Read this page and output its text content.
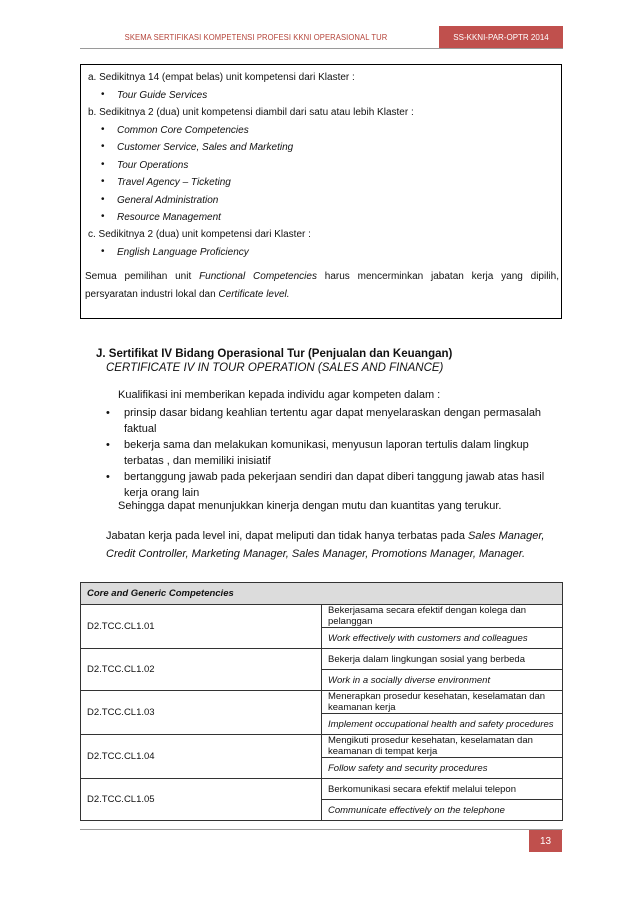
SKEMA SERTIFIKASI KOMPETENSI PROFESI KKNI OPERASIONAL TUR	SS-KKNI-PAR-OPTR 2014
a. Sedikitnya 14 (empat belas) unit kompetensi dari Klaster :
• Tour Guide Services
b. Sedikitnya 2 (dua) unit kompetensi diambil dari satu atau lebih Klaster :
• Common Core Competencies
• Customer Service, Sales and Marketing
• Tour Operations
• Travel Agency – Ticketing
• General Administration
• Resource Management
c. Sedikitnya 2 (dua) unit kompetensi dari Klaster :
• English Language Proficiency
Semua pemilihan unit Functional Competencies harus mencerminkan jabatan kerja yang dipilih, persyaratan industri lokal dan Certificate level.
J. Sertifikat IV Bidang Operasional Tur (Penjualan dan Keuangan)
CERTIFICATE IV IN TOUR OPERATION (SALES AND FINANCE)
Kualifikasi ini memberikan kepada individu agar kompeten dalam :
• prinsip dasar bidang keahlian tertentu agar dapat menyelaraskan dengan permasalah faktual
• bekerja sama dan melakukan komunikasi, menyusun laporan tertulis dalam lingkup terbatas , dan memiliki inisiatif
• bertanggung jawab pada pekerjaan sendiri dan dapat diberi tanggung jawab atas hasil kerja orang lain
Sehingga dapat menunjukkan kinerja dengan mutu dan kuantitas yang terukur.
Jabatan kerja pada level ini, dapat meliputi dan tidak hanya terbatas pada Sales Manager, Credit Controller, Marketing Manager, Sales Manager, Promotions Manager, Manager.
Core and Generic Competencies	
D2.TCC.CL1.01	Bekerjasama secara efektif dengan kolega dan pelanggan
	Work effectively with customers and colleagues
D2.TCC.CL1.02	Bekerja dalam lingkungan sosial yang berbeda
	Work in a socially diverse environment
D2.TCC.CL1.03	Menerapkan prosedur kesehatan, keselamatan dan keamanan kerja
	Implement occupational health and safety procedures
D2.TCC.CL1.04	Mengikuti prosedur kesehatan, keselamatan dan keamanan di tempat kerja
	Follow safety and security procedures
D2.TCC.CL1.05	Berkomunikasi secara efektif melalui telepon
	Communicate effectively on the telephone
13
